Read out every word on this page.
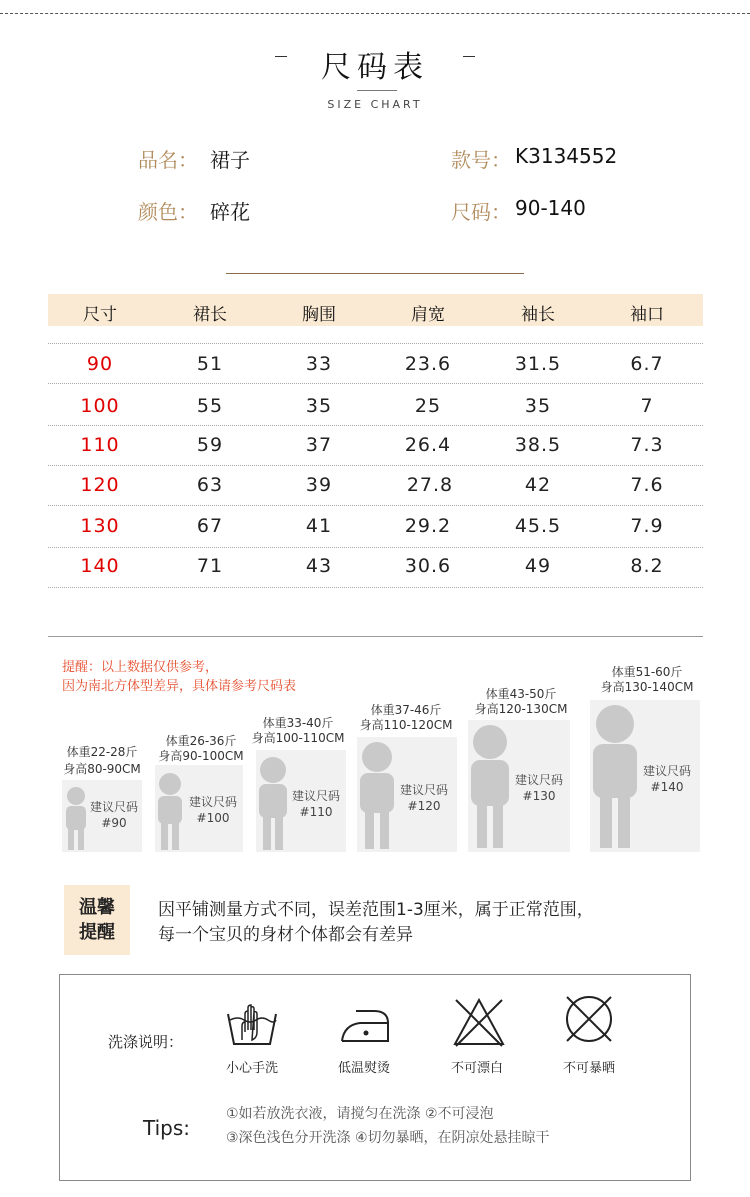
尺码表
SIZE CHART
品名： 裙子	款号： K3134552
颜色： 碎花	尺码： 90-140
尺寸	裙长	胸围	肩宽	袖长	袖口
90	51	33	23.6	31.5	6.7
100	55	35	25	35	7
110	59	37	26.4	38.5	7.3
120	63	39	27.8	42	7.6
130	67	41	29.2	45.5	7.9
140	71	43	30.6	49	8.2
提醒：以上数据仅供参考，
因为南北方体型差异，具体请参考尺码表
体重22-28斤
身高80-90CM
建议尺码
#90
体重26-36斤
身高90-100CM
建议尺码
#100
体重33-40斤
身高100-110CM
建议尺码
#110
体重37-46斤
身高110-120CM
建议尺码
#120
体重43-50斤
身高120-130CM
建议尺码
#130
体重51-60斤
身高130-140CM
建议尺码
#140
温馨
提醒
因平铺测量方式不同，误差范围1-3厘米，属于正常范围，
每一个宝贝的身材个体都会有差异
洗涤说明：
小心手洗	低温熨烫	不可漂白	不可暴晒
Tips:
①如若放洗衣液，请搅匀在洗涤 ②不可浸泡
③深色浅色分开洗涤 ④切勿暴晒，在阴凉处悬挂晾干
